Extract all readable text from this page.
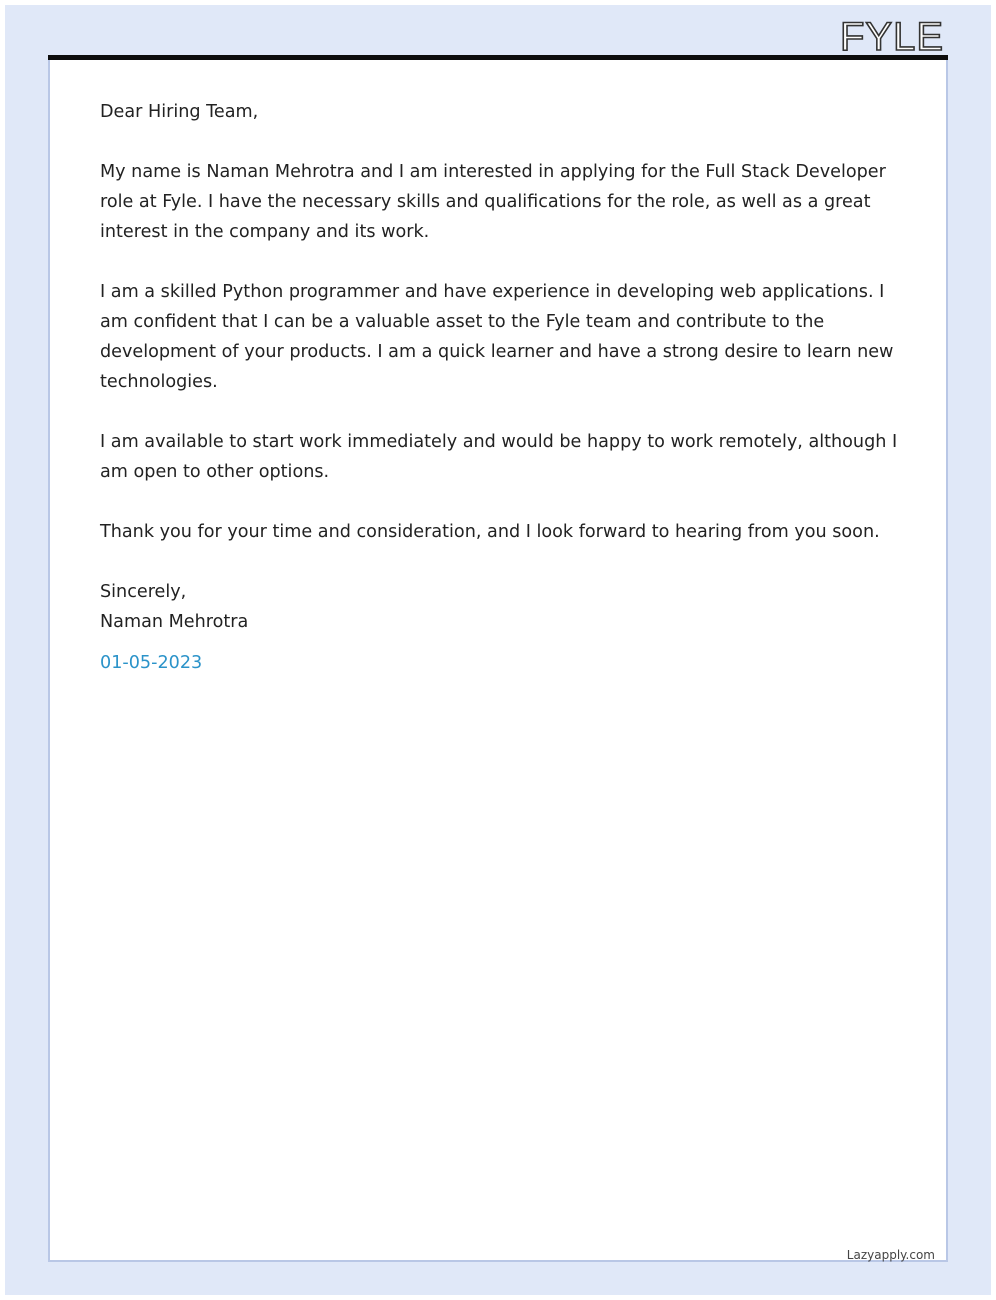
FYLE

Dear Hiring Team,

My name is Naman Mehrotra and I am interested in applying for the Full Stack Developer role at Fyle. I have the necessary skills and qualifications for the role, as well as a great interest in the company and its work.

I am a skilled Python programmer and have experience in developing web applications. I am confident that I can be a valuable asset to the Fyle team and contribute to the development of your products. I am a quick learner and have a strong desire to learn new technologies.

I am available to start work immediately and would be happy to work remotely, although I am open to other options.

Thank you for your time and consideration, and I look forward to hearing from you soon.

Sincerely,
Naman Mehrotra
01-05-2023
Lazyapply.com
